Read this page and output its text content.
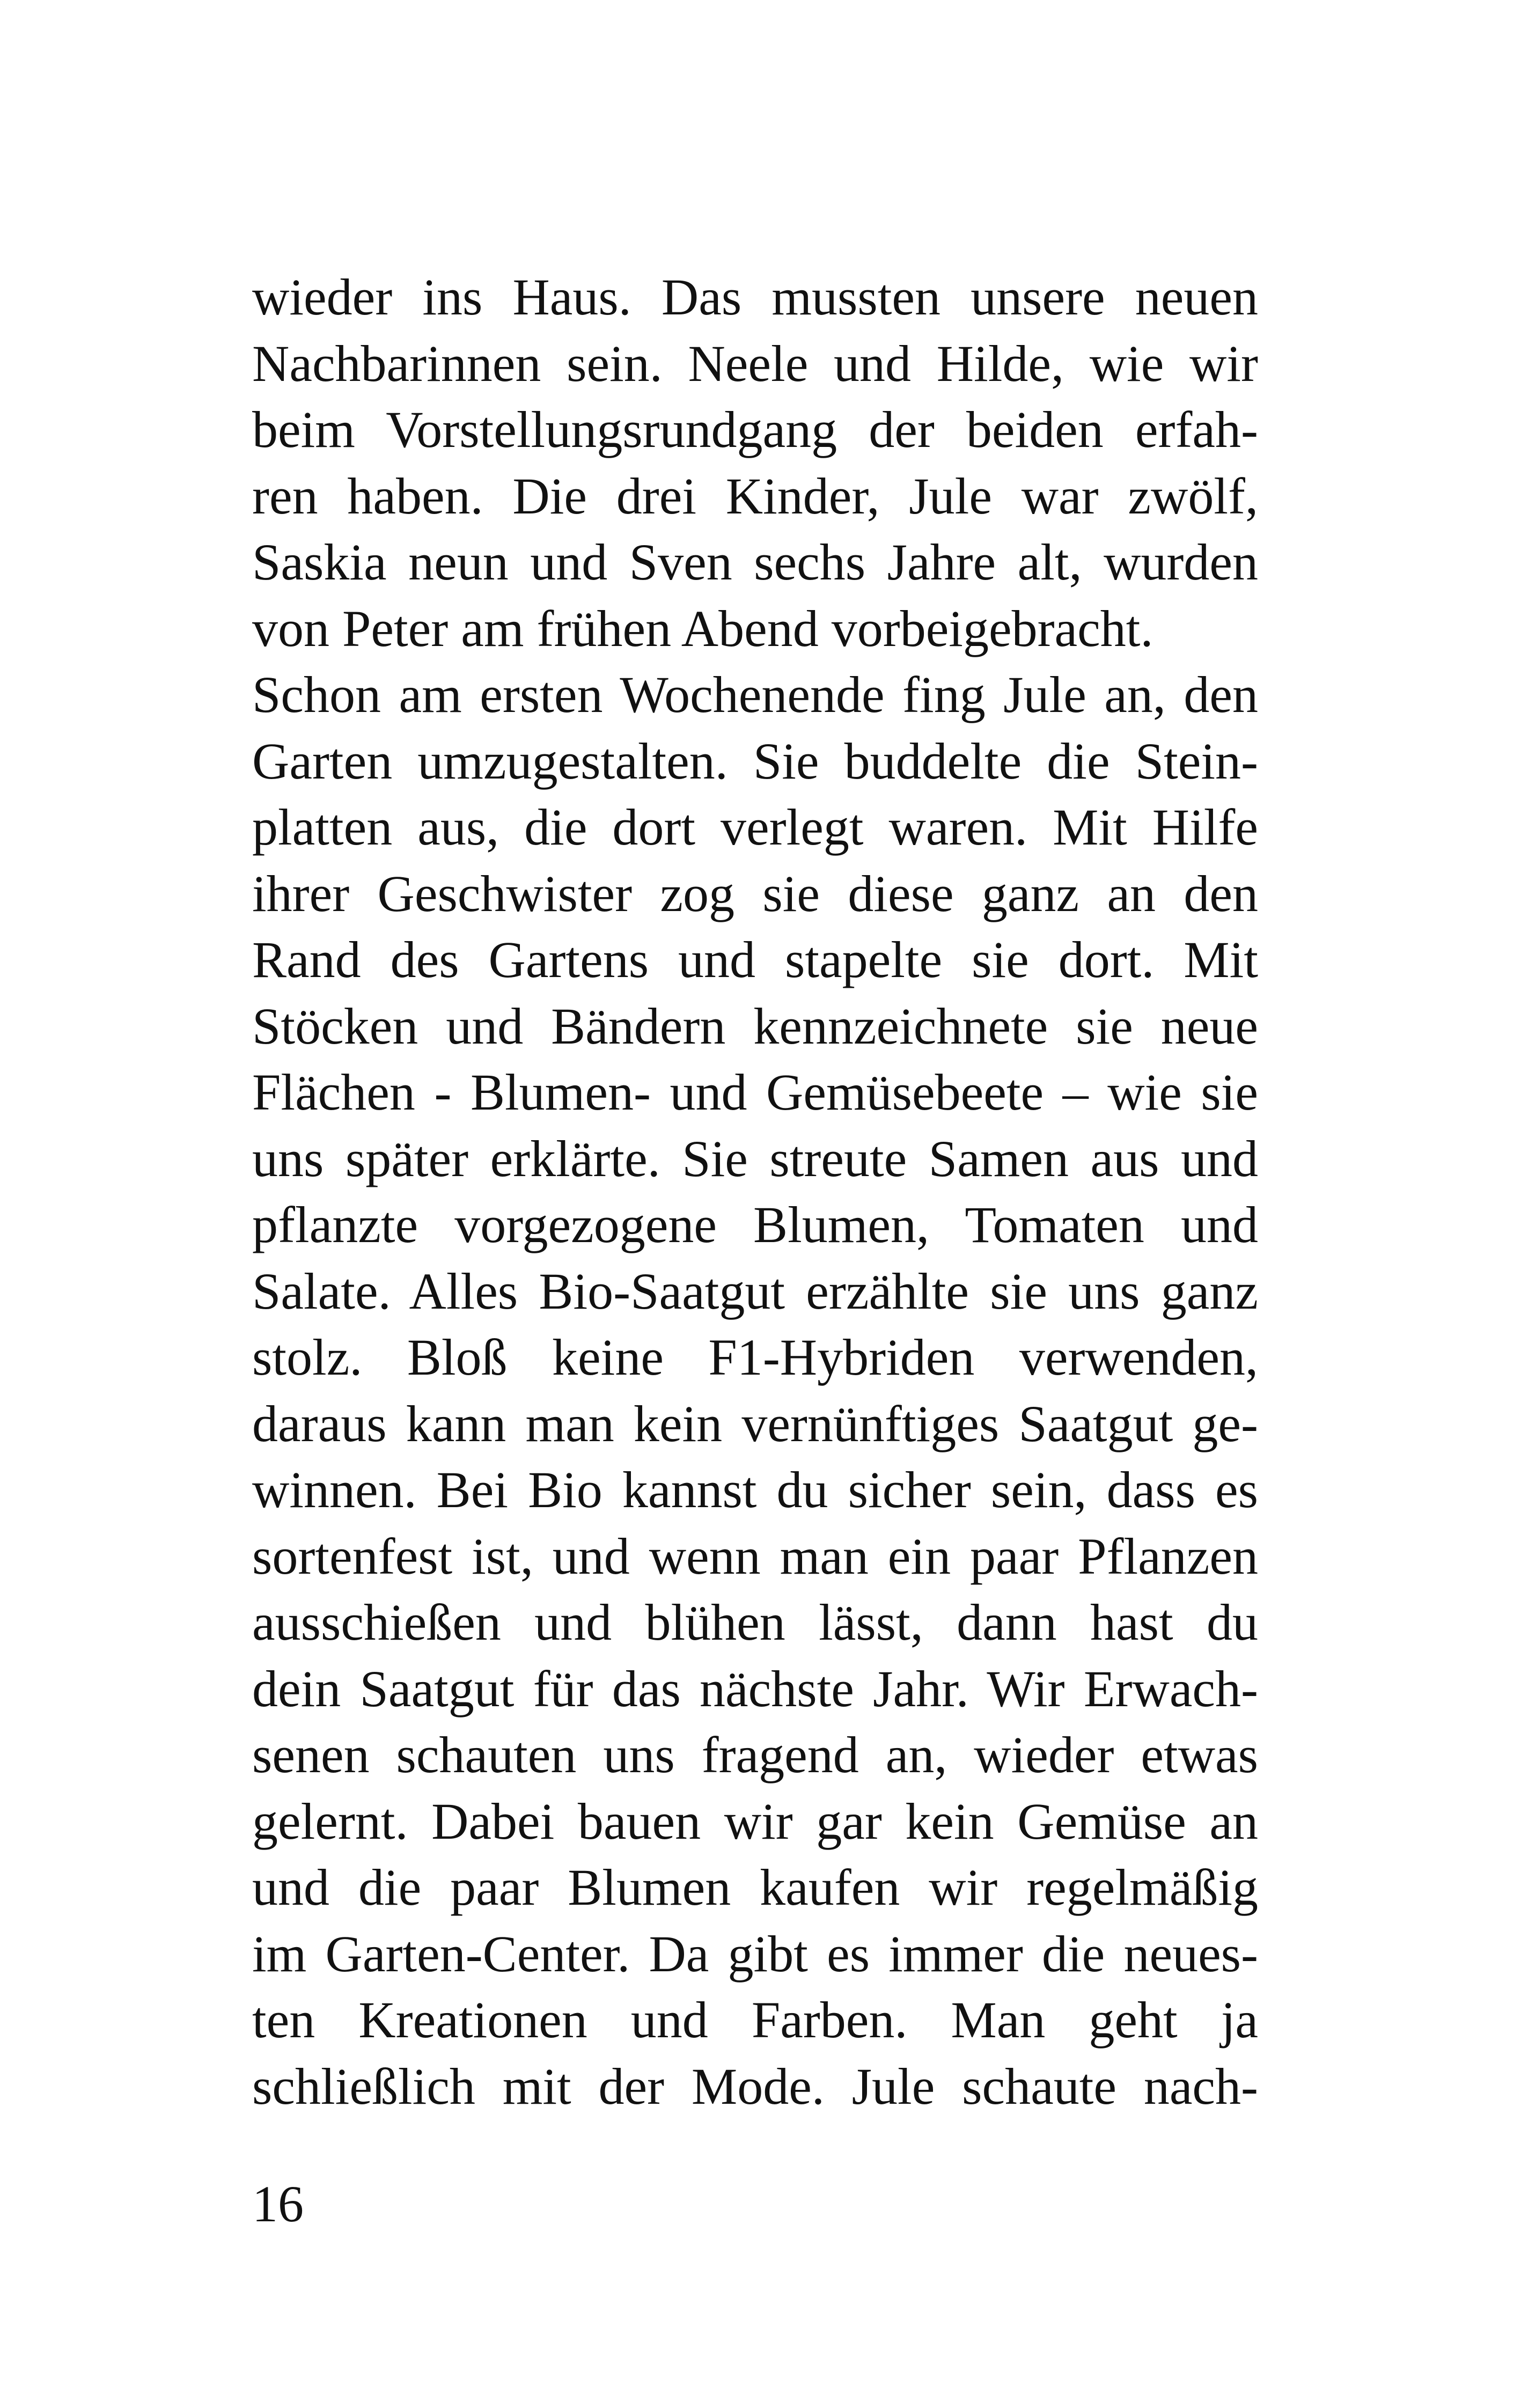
wieder ins Haus. Das mussten unsere neuen
Nachbarinnen sein. Neele und Hilde, wie wir
beim Vorstellungsrundgang der beiden erfah-
ren haben. Die drei Kinder, Jule war zwölf,
Saskia neun und Sven sechs Jahre alt, wurden
von Peter am frühen Abend vorbeigebracht.
Schon am ersten Wochenende fing Jule an, den
Garten umzugestalten. Sie buddelte die Stein-
platten aus, die dort verlegt waren. Mit Hilfe
ihrer Geschwister zog sie diese ganz an den
Rand des Gartens und stapelte sie dort. Mit
Stöcken und Bändern kennzeichnete sie neue
Flächen - Blumen- und Gemüsebeete – wie sie
uns später erklärte. Sie streute Samen aus und
pflanzte vorgezogene Blumen, Tomaten und
Salate. Alles Bio-Saatgut erzählte sie uns ganz
stolz. Bloß keine F1-Hybriden verwenden,
daraus kann man kein vernünftiges Saatgut ge-
winnen. Bei Bio kannst du sicher sein, dass es
sortenfest ist, und wenn man ein paar Pflanzen
ausschießen und blühen lässt, dann hast du
dein Saatgut für das nächste Jahr. Wir Erwach-
senen schauten uns fragend an, wieder etwas
gelernt. Dabei bauen wir gar kein Gemüse an
und die paar Blumen kaufen wir regelmäßig
im Garten-Center. Da gibt es immer die neues-
ten Kreationen und Farben. Man geht ja
schließlich mit der Mode. Jule schaute nach-
16
